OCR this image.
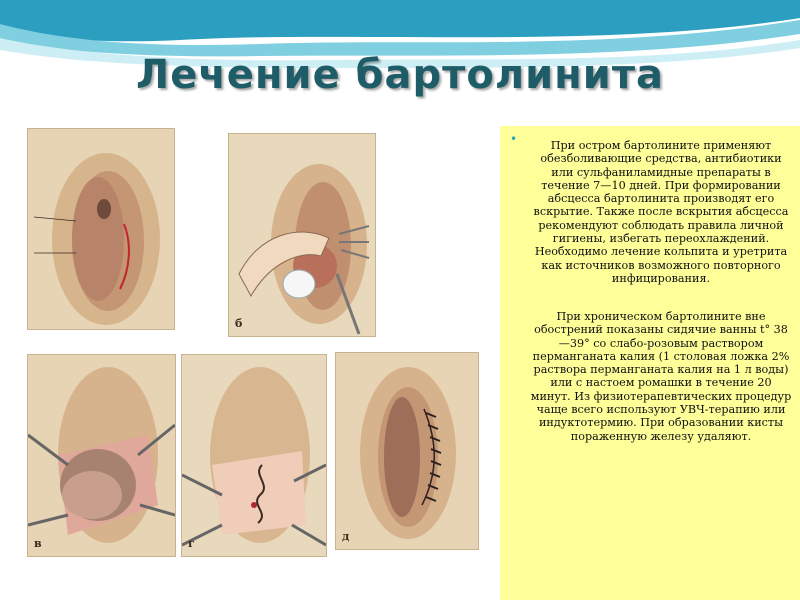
Лечение бартолинита
б
в	г
д
•	При остром бартолините применяют обезболивающие средства, антибиотики или сульфаниламидные препараты в течение 7—10 дней. При формировании абсцесса бартолинита производят его вскрытие. Также после вскрытия абсцесса рекомендуют соблюдать правила личной гигиены, избегать переохлаждений. Необходимо лечение кольпита и уретрита как источников возможного повторного инфицирования.

При хроническом бартолините вне обострений показаны сидячие ванны t° 38—39° со слабо-розовым раствором перманганата калия (1 столовая ложка 2% раствора перманганата калия на 1 л воды) или с настоем ромашки в течение 20 минут. Из физиотерапевтических процедур чаще всего используют УВЧ-терапию или индуктотермию. При образовании кисты пораженную железу удаляют.
